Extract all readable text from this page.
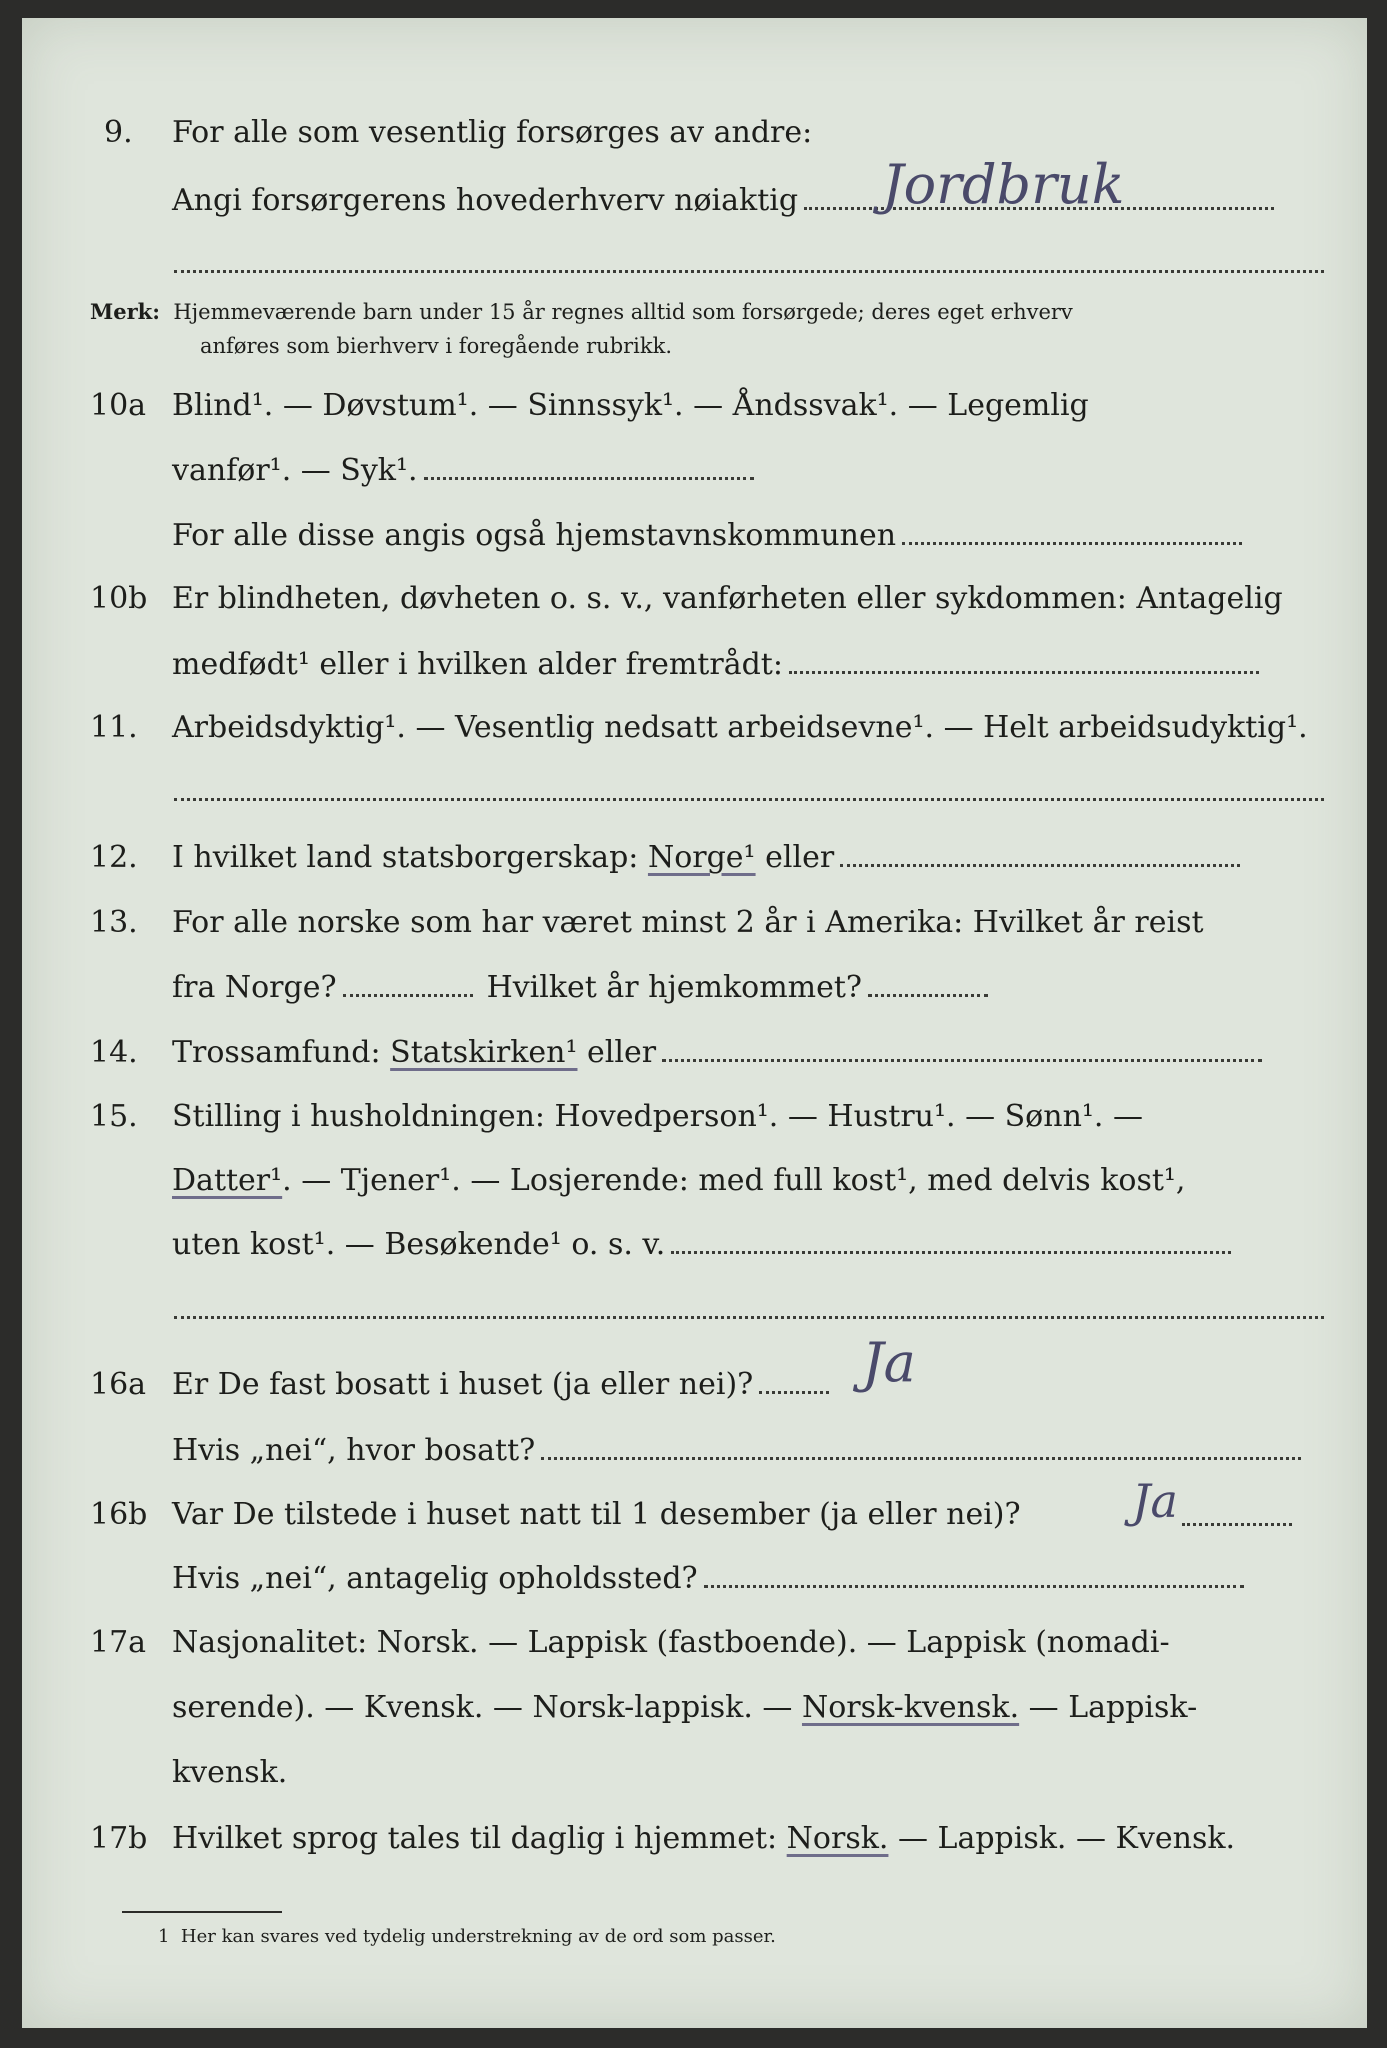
9. For alle som vesentlig forsørges av andre:
Angi forsørgerens hovederhverv nøiaktig	Jordbruk
Merk: Hjemmeværende barn under 15 år regnes alltid som forsørgede; deres eget erhverv
anføres som bierhverv i foregående rubrikk.
10a Blind¹. — Døvstum¹. — Sinnssyk¹. — Åndssvak¹. — Legemlig
vanfør¹. — Syk¹.
For alle disse angis også hjemstavnskommunen
10b Er blindheten, døvheten o. s. v., vanførheten eller sykdommen: Antagelig
medfødt¹ eller i hvilken alder fremtrådt:
11. Arbeidsdyktig¹. — Vesentlig nedsatt arbeidsevne¹. — Helt arbeidsudyktig¹.
12. I hvilket land statsborgerskap: Norge¹ eller
13. For alle norske som har været minst 2 år i Amerika: Hvilket år reist
fra Norge?	Hvilket år hjemkommet?
14. Trossamfund: Statskirken¹ eller
15. Stilling i husholdningen: Hovedperson¹. — Hustru¹. — Sønn¹. —
Datter¹. — Tjener¹. — Losjerende: med full kost¹, med delvis kost¹,
uten kost¹. — Besøkende¹ o. s. v.
16a Er De fast bosatt i huset (ja eller nei)?	Ja
Hvis „nei“, hvor bosatt?
16b Var De tilstede i huset natt til 1 desember (ja eller nei)? Ja
Hvis „nei“, antagelig opholdssted?
17a Nasjonalitet: Norsk. — Lappisk (fastboende). — Lappisk (nomadi-
serende). — Kvensk. — Norsk-lappisk. — Norsk-kvensk. — Lappisk-
kvensk.
17b Hvilket sprog tales til daglig i hjemmet: Norsk. — Lappisk. — Kvensk.
1 Her kan svares ved tydelig understrekning av de ord som passer.
